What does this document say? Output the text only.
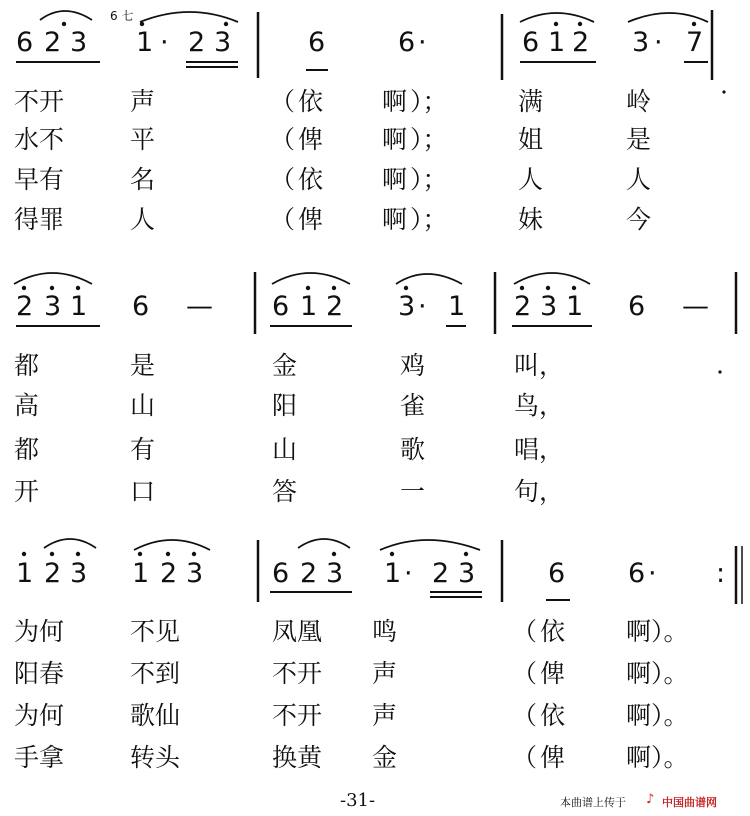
6 2 3
6 七
1 · 2 3	6	6 ·	6 1 2 3 · 7
不开	声	（ 依 啊 ）；	满	岭
水不	平	（ 俾 啊 ）；	姐	是
早有	名	（ 依 啊 ）；	人	人
得罪	人	（ 俾 啊 ）；	妹	今
2 3 1 6 — 6 1 2 3 · 1 2 3 1 6 —
都	是	金	鸡	叫，
高	山	阳	雀	鸟，
都	有	山	歌	唱，
开	口	答	一	句，
1 2 3 1 2 3	6 2 3 1 · 2 3	6 6 · :
为何	不见	凤凰 鸣	（ 依 啊）。
阳春	不到	不开 声	（ 俾 啊）。
为何	歌仙	不开 声	（ 依 啊）。
手拿	转头	换黄 金	（ 俾 啊）。
-31-	本曲谱上传于 ♪ 中国曲谱网
